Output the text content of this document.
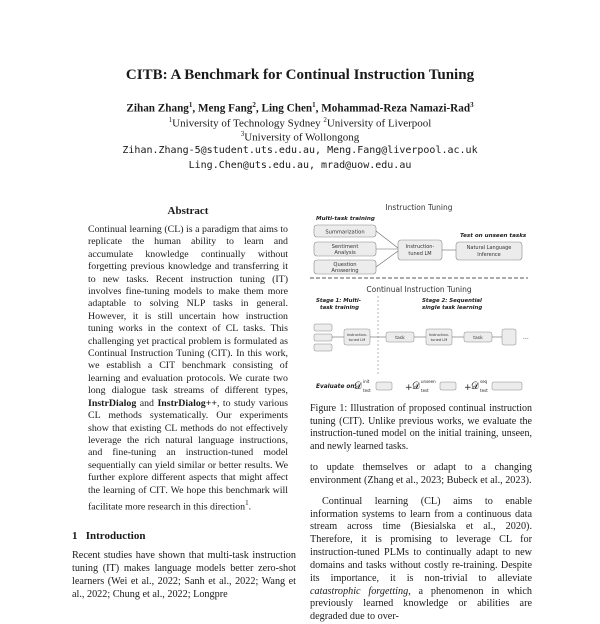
CITB: A Benchmark for Continual Instruction Tuning
Zihan Zhang$^1$, Meng Fang$^2$, Ling Chen$^1$, Mohammad-Reza Namazi-Rad$^3$
$^1$University of Technology Sydney $^2$University of Liverpool
$^3$University of Wollongong
Zihan.Zhang-5@student.uts.edu.au, Meng.Fang@liverpool.ac.uk
Ling.Chen@uts.edu.au, mrad@uow.edu.au
Abstract
Continual learning (CL) is a paradigm that aims to replicate the human ability to learn and accumulate knowledge continually without forgetting previous knowledge and transferring it to new tasks. Recent instruction tuning (IT) involves fine-tuning models to make them more adaptable to solving NLP tasks in general. However, it is still uncertain how instruction tuning works in the context of CL tasks. This challenging yet practical problem is formulated as Continual Instruction Tuning (CIT). In this work, we establish a CIT benchmark consisting of learning and evaluation protocols. We curate two long dialogue task streams of different types, InstrDialog and InstrDialog++, to study various CL methods systematically. Our experiments show that existing CL methods do not effectively leverage the rich natural language instructions, and fine-tuning an instruction-tuned model sequentially can yield similar or better results. We further explore different aspects that might affect the learning of CIT. We hope this benchmark will facilitate more research in this direction$^1$.
1 Introduction
Recent studies have shown that multi-task instruction tuning (IT) makes language models better zero-shot learners (Wei et al., 2022; Sanh et al., 2022; Wang et al., 2022; Chung et al., 2022; Longpre
Instruction Tuning
Multi-task training
Summarization
Sentiment
Analysis
Question
Answering
Instruction-
tuned LM
Test on unseen tasks
Natural Language
Inference
Continual Instruction Tuning
Stage 1: Multi-
task training
Stage 2: Sequential
single task learning
Instruction-
tuned LM	task
Instruction-
tuned LM	task	...
Evaluate on:
𝒟 init
test	+ 𝒟 unseen
test	+ 𝒟 seq
test
Figure 1: Illustration of proposed continual instruction tuning (CIT). Unlike previous works, we evaluate the instruction-tuned model on the initial training, unseen, and newly learned tasks.

to update themselves or adapt to a changing environment (Zhang et al., 2023; Bubeck et al., 2023).

Continual learning (CL) aims to enable information systems to learn from a continuous data stream across time (Biesialska et al., 2020). Therefore, it is promising to leverage CL for instruction-tuned PLMs to continually adapt to new domains and tasks without costly re-training. Despite its importance, it is non-trivial to alleviate catastrophic forgetting, a phenomenon in which previously learned knowledge or abilities are degraded due to over-
